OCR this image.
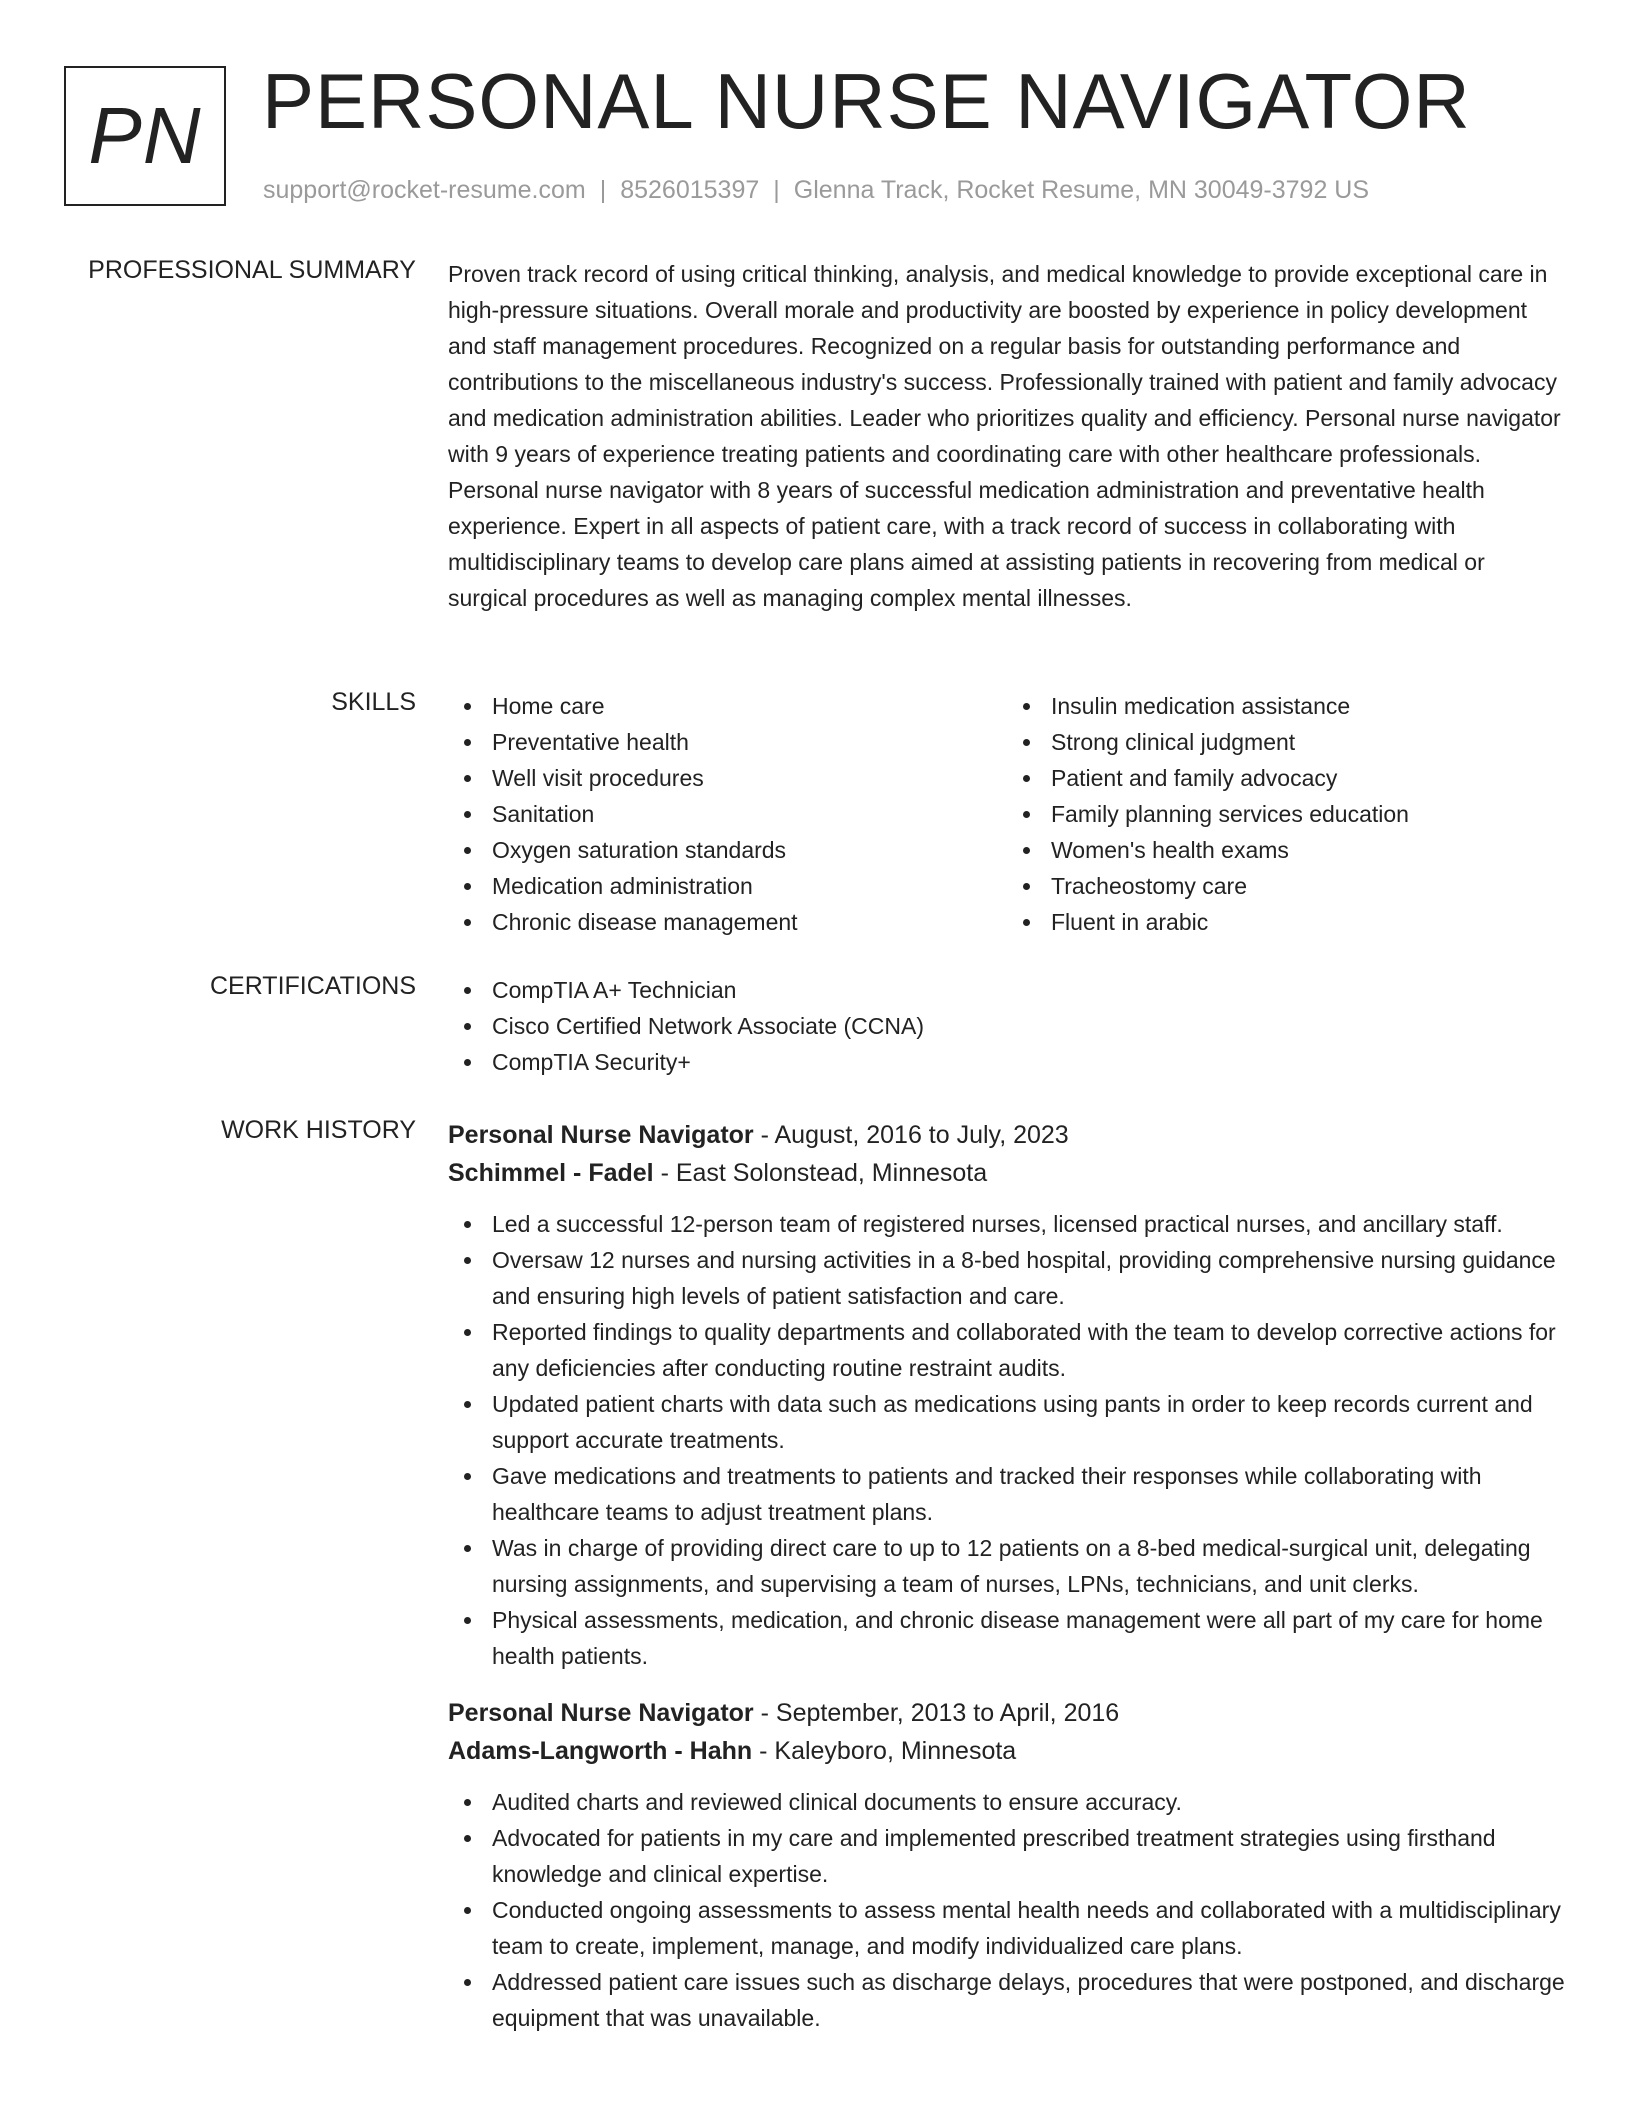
PN PERSONAL NURSE NAVIGATOR
support@rocket-resume.com | 8526015397 | Glenna Track, Rocket Resume, MN 30049-3792 US
PROFESSIONAL SUMMARY Proven track record of using critical thinking, analysis, and medical knowledge to provide exceptional care in high-pressure situations. Overall morale and productivity are boosted by experience in policy development and staff management procedures. Recognized on a regular basis for outstanding performance and contributions to the miscellaneous industry's success. Professionally trained with patient and family advocacy and medication administration abilities. Leader who prioritizes quality and efficiency. Personal nurse navigator with 9 years of experience treating patients and coordinating care with other healthcare professionals. Personal nurse navigator with 8 years of successful medication administration and preventative health experience. Expert in all aspects of patient care, with a track record of success in collaborating with multidisciplinary teams to develop care plans aimed at assisting patients in recovering from medical or surgical procedures as well as managing complex mental illnesses.

SKILLS	Home care
Preventative health
Well visit procedures
Sanitation
Oxygen saturation standards
Medication administration
Chronic disease management
Insulin medication assistance
Strong clinical judgment
Patient and family advocacy
Family planning services education
Women's health exams
Tracheostomy care
Fluent in arabic
CERTIFICATIONS	CompTIA A+ Technician
Cisco Certified Network Associate (CCNA)
CompTIA Security+
WORK HISTORY Personal Nurse Navigator - August, 2016 to July, 2023
Schimmel - Fadel - East Solonstead, Minnesota
Led a successful 12-person team of registered nurses, licensed practical nurses, and ancillary staff.
Oversaw 12 nurses and nursing activities in a 8-bed hospital, providing comprehensive nursing guidance and ensuring high levels of patient satisfaction and care.
Reported findings to quality departments and collaborated with the team to develop corrective actions for any deficiencies after conducting routine restraint audits.
Updated patient charts with data such as medications using pants in order to keep records current and support accurate treatments.
Gave medications and treatments to patients and tracked their responses while collaborating with healthcare teams to adjust treatment plans.
Was in charge of providing direct care to up to 12 patients on a 8-bed medical-surgical unit, delegating nursing assignments, and supervising a team of nurses, LPNs, technicians, and unit clerks.
Physical assessments, medication, and chronic disease management were all part of my care for home health patients.
Personal Nurse Navigator - September, 2013 to April, 2016
Adams-Langworth - Hahn - Kaleyboro, Minnesota
Audited charts and reviewed clinical documents to ensure accuracy.
Advocated for patients in my care and implemented prescribed treatment strategies using firsthand knowledge and clinical expertise.
Conducted ongoing assessments to assess mental health needs and collaborated with a multidisciplinary team to create, implement, manage, and modify individualized care plans.
Addressed patient care issues such as discharge delays, procedures that were postponed, and discharge equipment that was unavailable.
